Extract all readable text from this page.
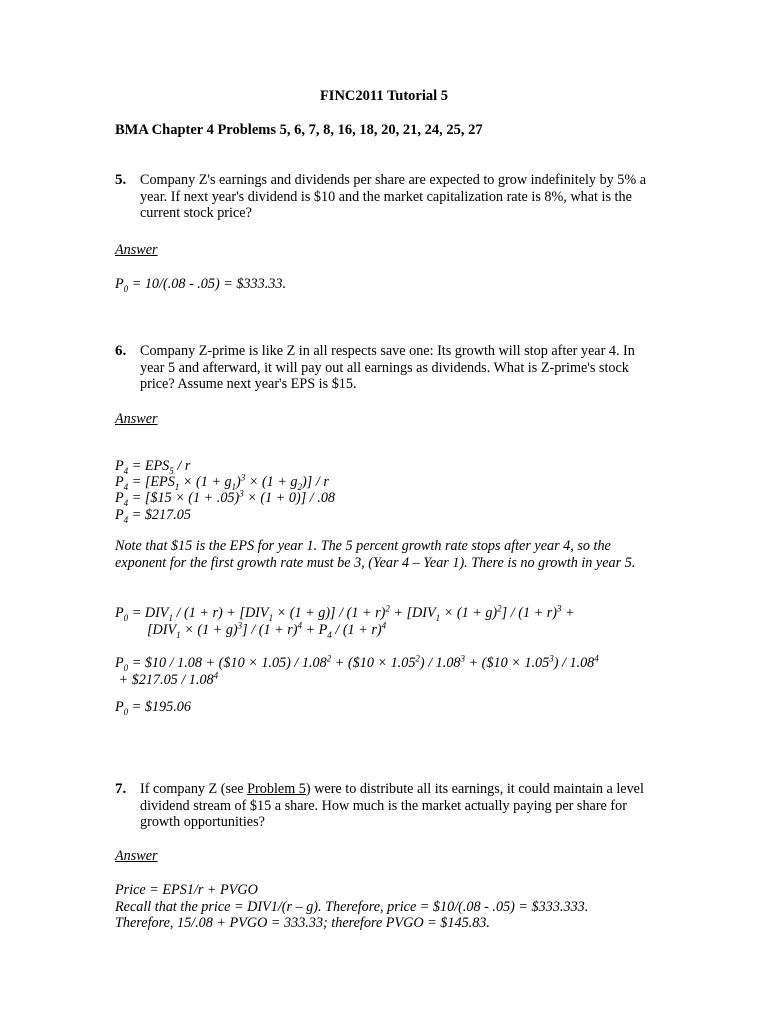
FINC2011 Tutorial 5
BMA Chapter 4 Problems 5, 6, 7, 8, 16, 18, 20, 21, 24, 25, 27
5. Company Z's earnings and dividends per share are expected to grow indefinitely by 5% a year. If next year's dividend is $10 and the market capitalization rate is 8%, what is the current stock price?
Answer
$P_0 = 10/(.08 - .05)$ = $333.33.
6. Company Z-prime is like Z in all respects save one: Its growth will stop after year 4. In year 5 and afterward, it will pay out all earnings as dividends. What is Z-prime's stock price? Assume next year's EPS is $15.
Answer
$P_4 = EPS_5 / r$
$P_4 = [EPS_1 \times (1 + g_1)^3 \times (1 + g_2)] / r$
$P_4$ = [$15 × $(1 + .05)^3 \times (1 + 0)] / .08$
$P_4$ = $217.05
Note that $15 is the EPS for year 1. The 5 percent growth rate stops after year 4, so the exponent for the first growth rate must be 3, (Year 4 – Year 1). There is no growth in year 5.
$P_0 = DIV_1 / (1 + r) + [DIV_1 \times (1 + g)] / (1 + r)^2 + [DIV_1 \times (1 + g)^2] / (1 + r)^3$ +
$[DIV_1 \times (1 + g)^3] / (1 + r)^4 + P_4 / (1 + r)^4$
$P_0$ = $10 / 1.08 + ($10 × $1.05) / 1.08^2$ + ($10 × $1.05^2) / 1.08^3$ + ($10 × $1.05^3) / 1.08^4$
+ $217.05 / 1.08$^4$
$P_0$ = $195.06
7. If company Z (see Problem 5) were to distribute all its earnings, it could maintain a level dividend stream of $15 a share. How much is the market actually paying per share for growth opportunities?
Answer
Price = EPS1/r + PVGO
Recall that the price = DIV1/(r – g). Therefore, price = $10/(.08 - .05) = $333.333.
Therefore, 15/.08 + PVGO = 333.33; therefore PVGO = $145.83.
